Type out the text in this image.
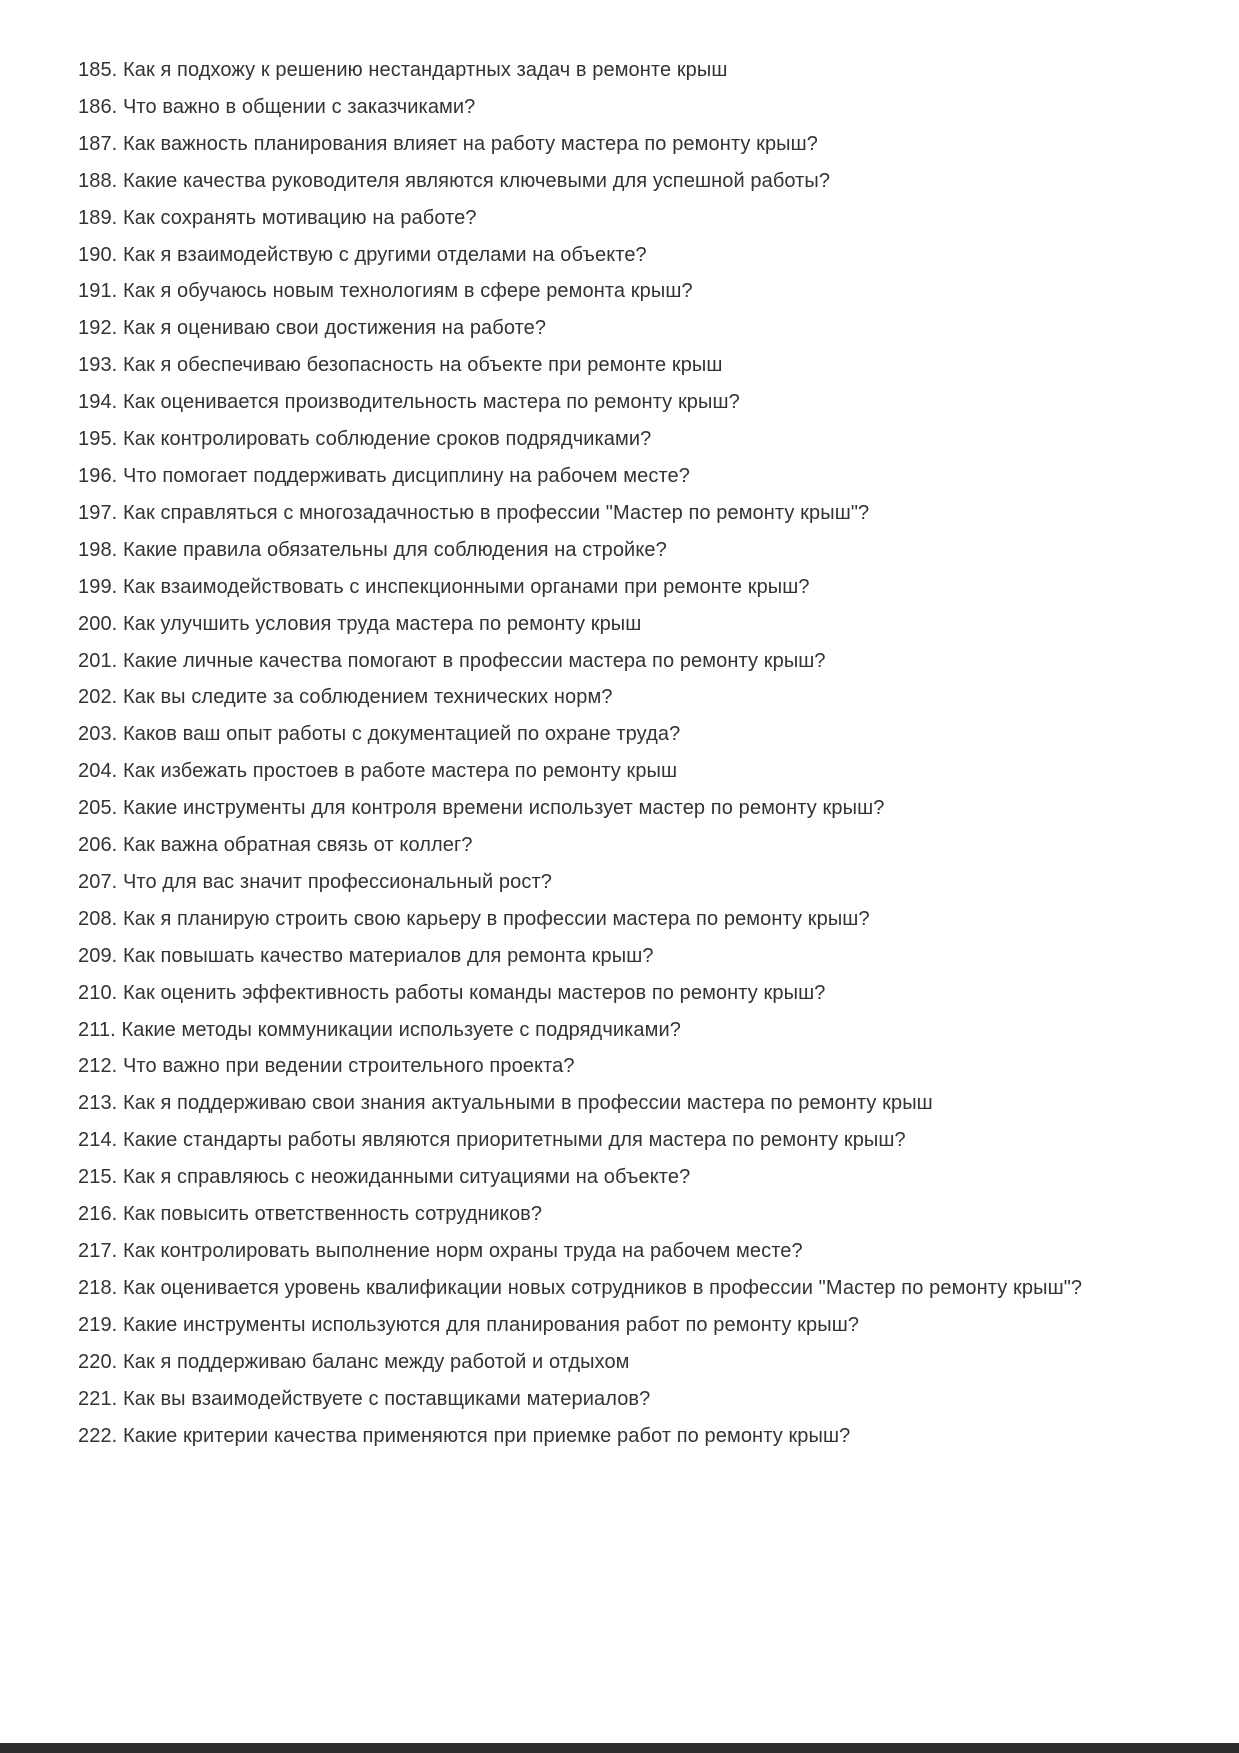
185. Как я подхожу к решению нестандартных задач в ремонте крыш

186. Что важно в общении с заказчиками?

187. Как важность планирования влияет на работу мастера по ремонту крыш?

188. Какие качества руководителя являются ключевыми для успешной работы?

189. Как сохранять мотивацию на работе?

190. Как я взаимодействую с другими отделами на объекте?

191. Как я обучаюсь новым технологиям в сфере ремонта крыш?

192. Как я оцениваю свои достижения на работе?

193. Как я обеспечиваю безопасность на объекте при ремонте крыш

194. Как оценивается производительность мастера по ремонту крыш?

195. Как контролировать соблюдение сроков подрядчиками?

196. Что помогает поддерживать дисциплину на рабочем месте?

197. Как справляться с многозадачностью в профессии "Мастер по ремонту крыш"?

198. Какие правила обязательны для соблюдения на стройке?

199. Как взаимодействовать с инспекционными органами при ремонте крыш?

200. Как улучшить условия труда мастера по ремонту крыш

201. Какие личные качества помогают в профессии мастера по ремонту крыш?

202. Как вы следите за соблюдением технических норм?

203. Каков ваш опыт работы с документацией по охране труда?

204. Как избежать простоев в работе мастера по ремонту крыш

205. Какие инструменты для контроля времени использует мастер по ремонту крыш?

206. Как важна обратная связь от коллег?

207. Что для вас значит профессиональный рост?

208. Как я планирую строить свою карьеру в профессии мастера по ремонту крыш?

209. Как повышать качество материалов для ремонта крыш?

210. Как оценить эффективность работы команды мастеров по ремонту крыш?

211. Какие методы коммуникации используете с подрядчиками?

212. Что важно при ведении строительного проекта?

213. Как я поддерживаю свои знания актуальными в профессии мастера по ремонту крыш

214. Какие стандарты работы являются приоритетными для мастера по ремонту крыш?

215. Как я справляюсь с неожиданными ситуациями на объекте?

216. Как повысить ответственность сотрудников?

217. Как контролировать выполнение норм охраны труда на рабочем месте?

218. Как оценивается уровень квалификации новых сотрудников в профессии "Мастер по ремонту крыш"?

219. Какие инструменты используются для планирования работ по ремонту крыш?

220. Как я поддерживаю баланс между работой и отдыхом

221. Как вы взаимодействуете с поставщиками материалов?

222. Какие критерии качества применяются при приемке работ по ремонту крыш?
